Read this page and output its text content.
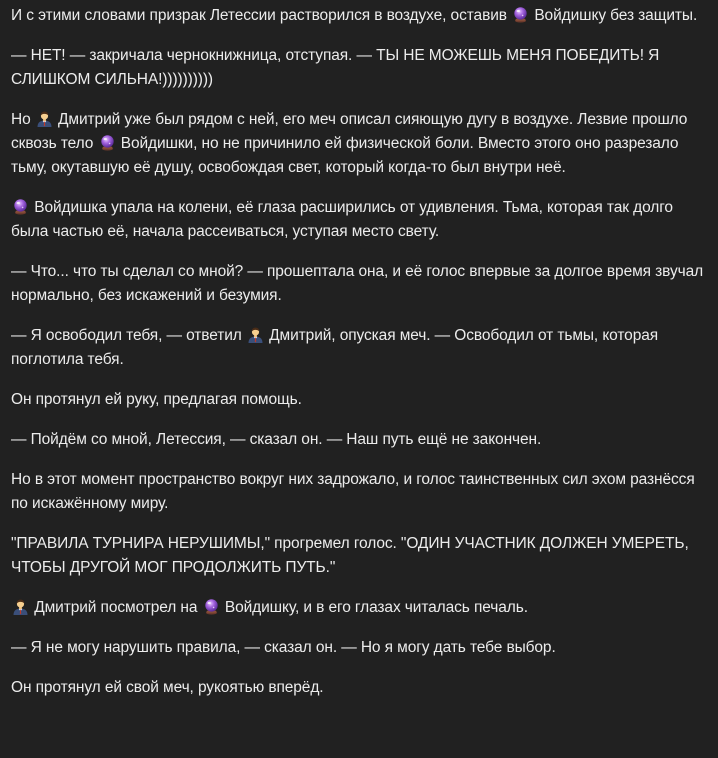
И с этими словами призрак Летессии растворился в воздухе, оставив
Войдишку без защиты.

— НЕТ! — закричала чернокнижница, отступая. — ТЫ НЕ МОЖЕШЬ МЕНЯ ПОБЕДИТЬ! Я СЛИШКОМ СИЛЬНА!))))))))))

Но
Дмитрий уже был рядом с ней, его меч описал сияющую дугу в воздухе. Лезвие прошло сквозь тело
Войдишки, но не причинило ей физической боли. Вместо этого оно разрезало тьму, окутавшую её душу, освобождая свет, который когда-то был внутри неё.

Войдишка упала на колени, её глаза расширились от удивления. Тьма, которая так долго была частью её, начала рассеиваться, уступая место свету.

— Что... что ты сделал со мной? — прошептала она, и её голос впервые за долгое время звучал нормально, без искажений и безумия.

— Я освободил тебя, — ответил
Дмитрий, опуская меч. — Освободил от тьмы, которая поглотила тебя.

Он протянул ей руку, предлагая помощь.

— Пойдём со мной, Летессия, — сказал он. — Наш путь ещё не закончен.

Но в этот момент пространство вокруг них задрожало, и голос таинственных сил эхом разнёсся по искажённому миру.

"ПРАВИЛА ТУРНИРА НЕРУШИМЫ," прогремел голос. "ОДИН УЧАСТНИК ДОЛЖЕН УМЕРЕТЬ, ЧТОБЫ ДРУГОЙ МОГ ПРОДОЛЖИТЬ ПУТЬ."

Дмитрий посмотрел на
Войдишку, и в его глазах читалась печаль.

— Я не могу нарушить правила, — сказал он. — Но я могу дать тебе выбор.

Он протянул ей свой меч, рукоятью вперёд.
